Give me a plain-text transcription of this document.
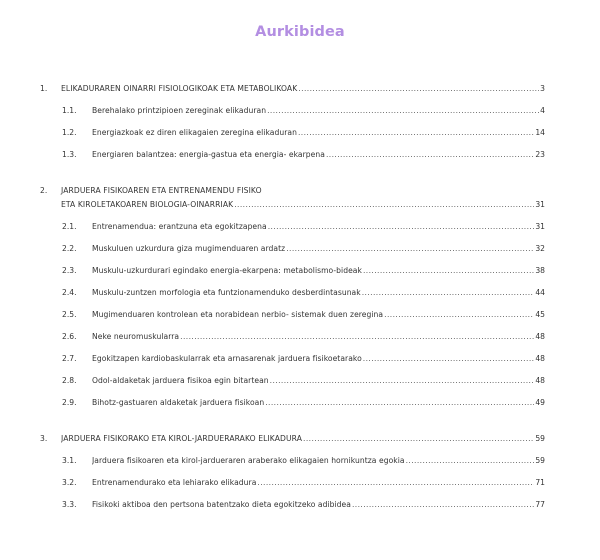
Aurkibidea
1. ELIKADURAREN OINARRI FISIOLOGIKOAK ETA METABOLIKOAK .....	3
1.1. Berehalako printzipioen zereginak elikaduran .....	4
1.2. Energiazkoak ez diren elikagaien zeregina elikaduran .....	14
1.3. Energiaren balantzea: energia-gastua eta energia- ekarpena .....	23
2. JARDUERA FISIKOAREN ETA ENTRENAMENDU FISIKO
ETA KIROLETAKOAREN BIOLOGIA-OINARRIAK .....	31
2.1. Entrenamendua: erantzuna eta egokitzapena .....	31
2.2. Muskuluen uzkurdura giza mugimenduaren ardatz .....	32
2.3. Muskulu-uzkurdurari egindako energia-ekarpena: metabolismo-bideak .....	38
2.4. Muskulu-zuntzen morfologia eta funtzionamenduko desberdintasunak .....	44
2.5. Mugimenduaren kontrolean eta norabidean nerbio- sistemak duen zeregina .....	45
2.6. Neke neuromuskularra .....	48
2.7. Egokitzapen kardiobaskularrak eta arnasarenak jarduera fisikoetarako .....	48
2.8. Odol-aldaketak jarduera fisikoa egin bitartean .....	48
2.9. Bihotz-gastuaren aldaketak jarduera fisikoan .....	49
3. JARDUERA FISIKORAKO ETA KIROL-JARDUERARAKO ELIKADURA .....	59
3.1. Jarduera fisikoaren eta kirol-jardueraren araberako elikagaien hornikuntza egokia .....	59
3.2. Entrenamendurako eta lehiarako elikadura .....	71
3.3. Fisikoki aktiboa den pertsona batentzako dieta egokitzeko adibidea .....	77
